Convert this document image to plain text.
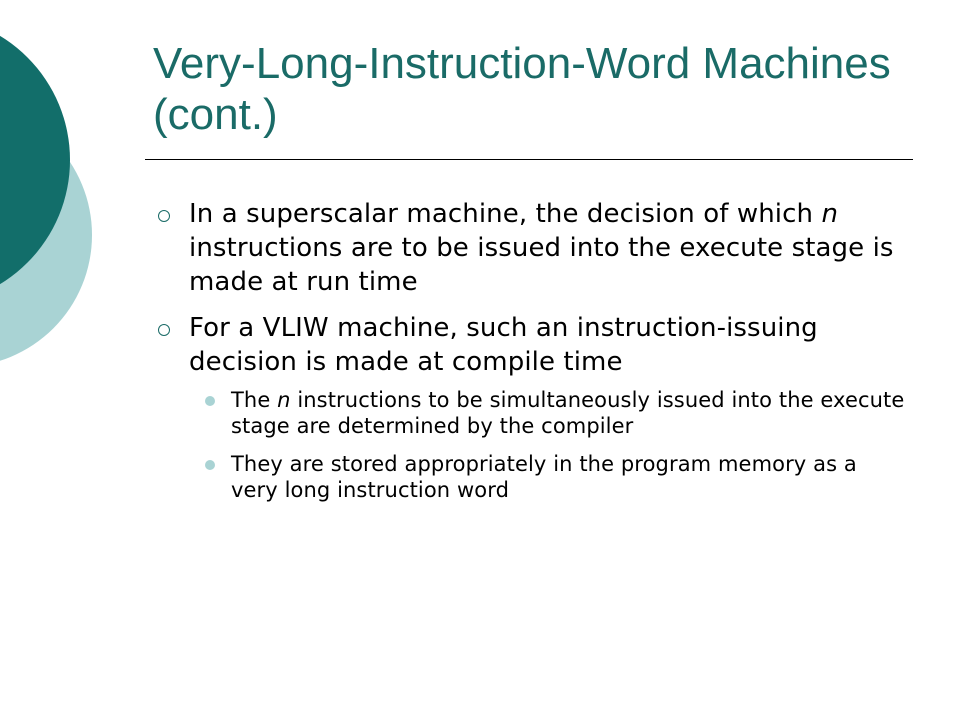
Very-Long-Instruction-Word Machines (cont.)
In a superscalar machine, the decision of which n instructions are to be issued into the execute stage is made at run time
For a VLIW machine, such an instruction-issuing decision is made at compile time
The n instructions to be simultaneously issued into the execute stage are determined by the compiler
They are stored appropriately in the program memory as a very long instruction word
